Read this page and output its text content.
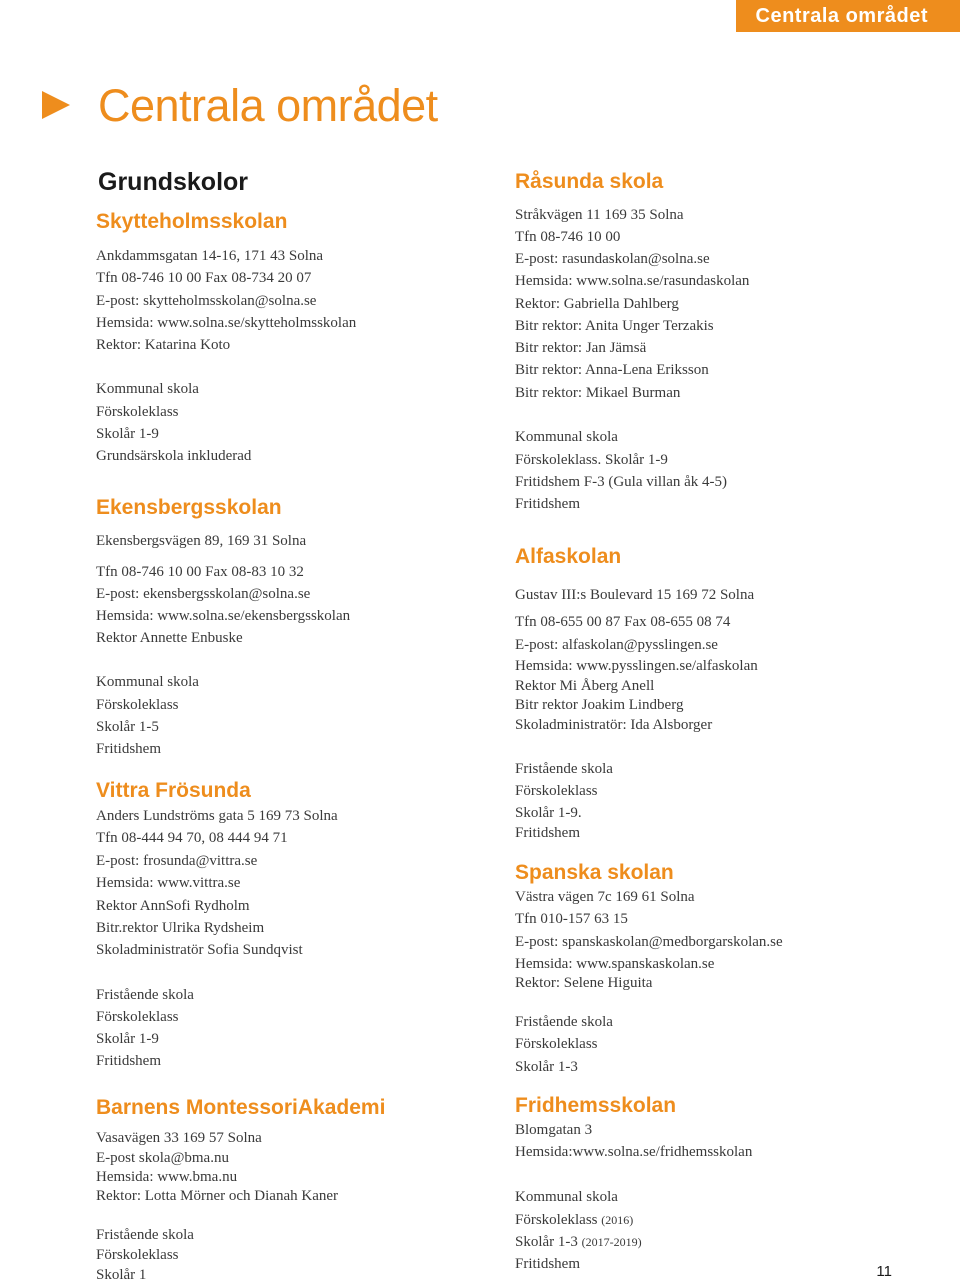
Centrala området
Centrala området
Grundskolor
Skytteholmsskolan
Ankdammsgatan 14-16, 171 43 Solna
Tfn 08-746 10 00 Fax 08-734 20 07
E-post: skytteholmsskolan@solna.se
Hemsida: www.solna.se/skytteholmsskolan
Rektor: Katarina Koto
Kommunal skola
Förskoleklass
Skolår 1-9
Grundsärskola inkluderad
Ekensbergsskolan
Ekensbergsvägen 89, 169 31 Solna
Tfn 08-746 10 00 Fax 08-83 10 32
E-post: ekensbergsskolan@solna.se
Hemsida: www.solna.se/ekensbergsskolan
Rektor Annette Enbuske
Kommunal skola
Förskoleklass
Skolår 1-5
Fritidshem
Vittra Frösunda
Anders Lundströms gata 5 169 73 Solna
Tfn 08-444 94 70, 08 444 94 71
E-post: frosunda@vittra.se
Hemsida: www.vittra.se
Rektor AnnSofi Rydholm
Bitr.rektor Ulrika Rydsheim
Skoladministratör Sofia Sundqvist
Fristående skola
Förskoleklass
Skolår 1-9
Fritidshem
Barnens MontessoriAkademi
Vasavägen 33 169 57 Solna
E-post skola@bma.nu
Hemsida: www.bma.nu
Rektor: Lotta Mörner och Dianah Kaner
Fristående skola
Förskoleklass
Skolår 1
Råsunda skola
Stråkvägen 11 169 35 Solna
Tfn 08-746 10 00
E-post: rasundaskolan@solna.se
Hemsida: www.solna.se/rasundaskolan
Rektor: Gabriella Dahlberg
Bitr rektor: Anita Unger Terzakis
Bitr rektor: Jan Jämsä
Bitr rektor: Anna-Lena Eriksson
Bitr rektor: Mikael Burman
Kommunal skola
Förskoleklass. Skolår 1-9
Fritidshem F-3 (Gula villan åk 4-5)
Fritidshem
Alfaskolan
Gustav III:s Boulevard 15 169 72 Solna
Tfn 08-655 00 87 Fax 08-655 08 74
E-post: alfaskolan@pysslingen.se
Hemsida: www.pysslingen.se/alfaskolan
Rektor Mi Åberg Anell
Bitr rektor Joakim Lindberg
Skoladministratör: Ida Alsborger
Fristående skola
Förskoleklass
Skolår 1-9.
Fritidshem
Spanska skolan
Västra vägen 7c 169 61 Solna
Tfn 010-157 63 15
E-post: spanskaskolan@medborgarskolan.se
Hemsida: www.spanskaskolan.se
Rektor: Selene Higuita
Fristående skola
Förskoleklass
Skolår 1-3
Fridhemsskolan
Blomgatan 3
Hemsida:www.solna.se/fridhemsskolan
Kommunal skola
Förskoleklass (2016)
Skolår 1-3 (2017-2019)
Fritidshem	11
